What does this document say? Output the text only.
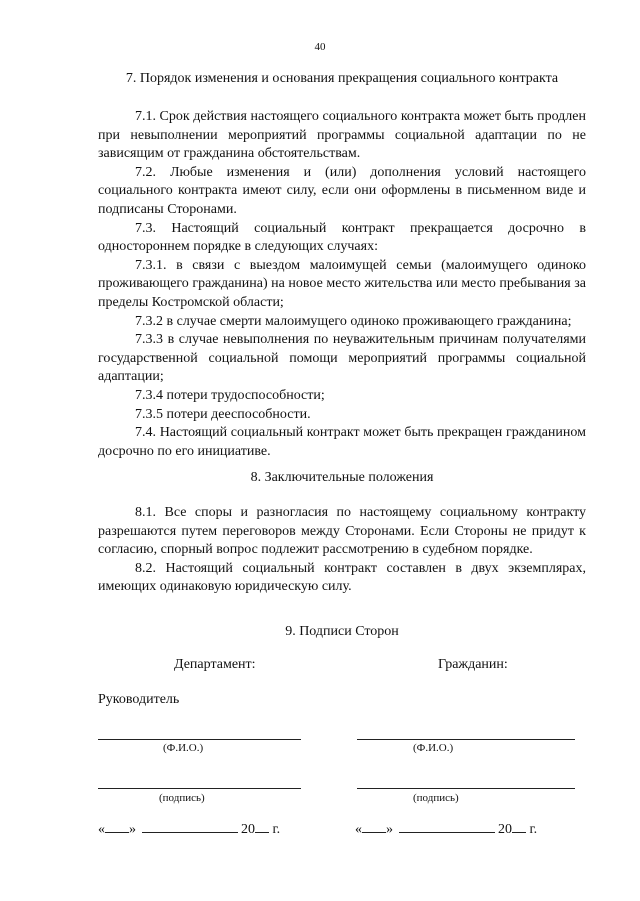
40
7. Порядок изменения и основания прекращения социального контракта

7.1. Срок действия настоящего социального контракта может быть продлен при невыполнении мероприятий программы социальной адаптации по не зависящим от гражданина обстоятельствам.

7.2. Любые изменения и (или) дополнения условий настоящего социального контракта имеют силу, если они оформлены в письменном виде и подписаны Сторонами.

7.3. Настоящий социальный контракт прекращается досрочно в одностороннем порядке в следующих случаях:

7.3.1. в связи с выездом малоимущей семьи (малоимущего одиноко проживающего гражданина) на новое место жительства или место пребывания за пределы Костромской области;

7.3.2 в случае смерти малоимущего одиноко проживающего гражданина;

7.3.3 в случае невыполнения по неуважительным причинам получателями государственной социальной помощи мероприятий программы социальной адаптации;

7.3.4 потери трудоспособности;

7.3.5 потери дееспособности.

7.4. Настоящий социальный контракт может быть прекращен гражданином досрочно по его инициативе.

8. Заключительные положения

8.1. Все споры и разногласия по настоящему социальному контракту разрешаются путем переговоров между Сторонами. Если Стороны не придут к согласию, спорный вопрос подлежит рассмотрению в судебном порядке.

8.2. Настоящий социальный контракт составлен в двух экземплярах, имеющих одинаковую юридическую силу.

9. Подписи Сторон
Департамент:	Гражданин:
Руководитель
(Ф.И.О.)	(Ф.И.О.)
(подпись)	(подпись)
« »	20 г.	« »	20 г.
